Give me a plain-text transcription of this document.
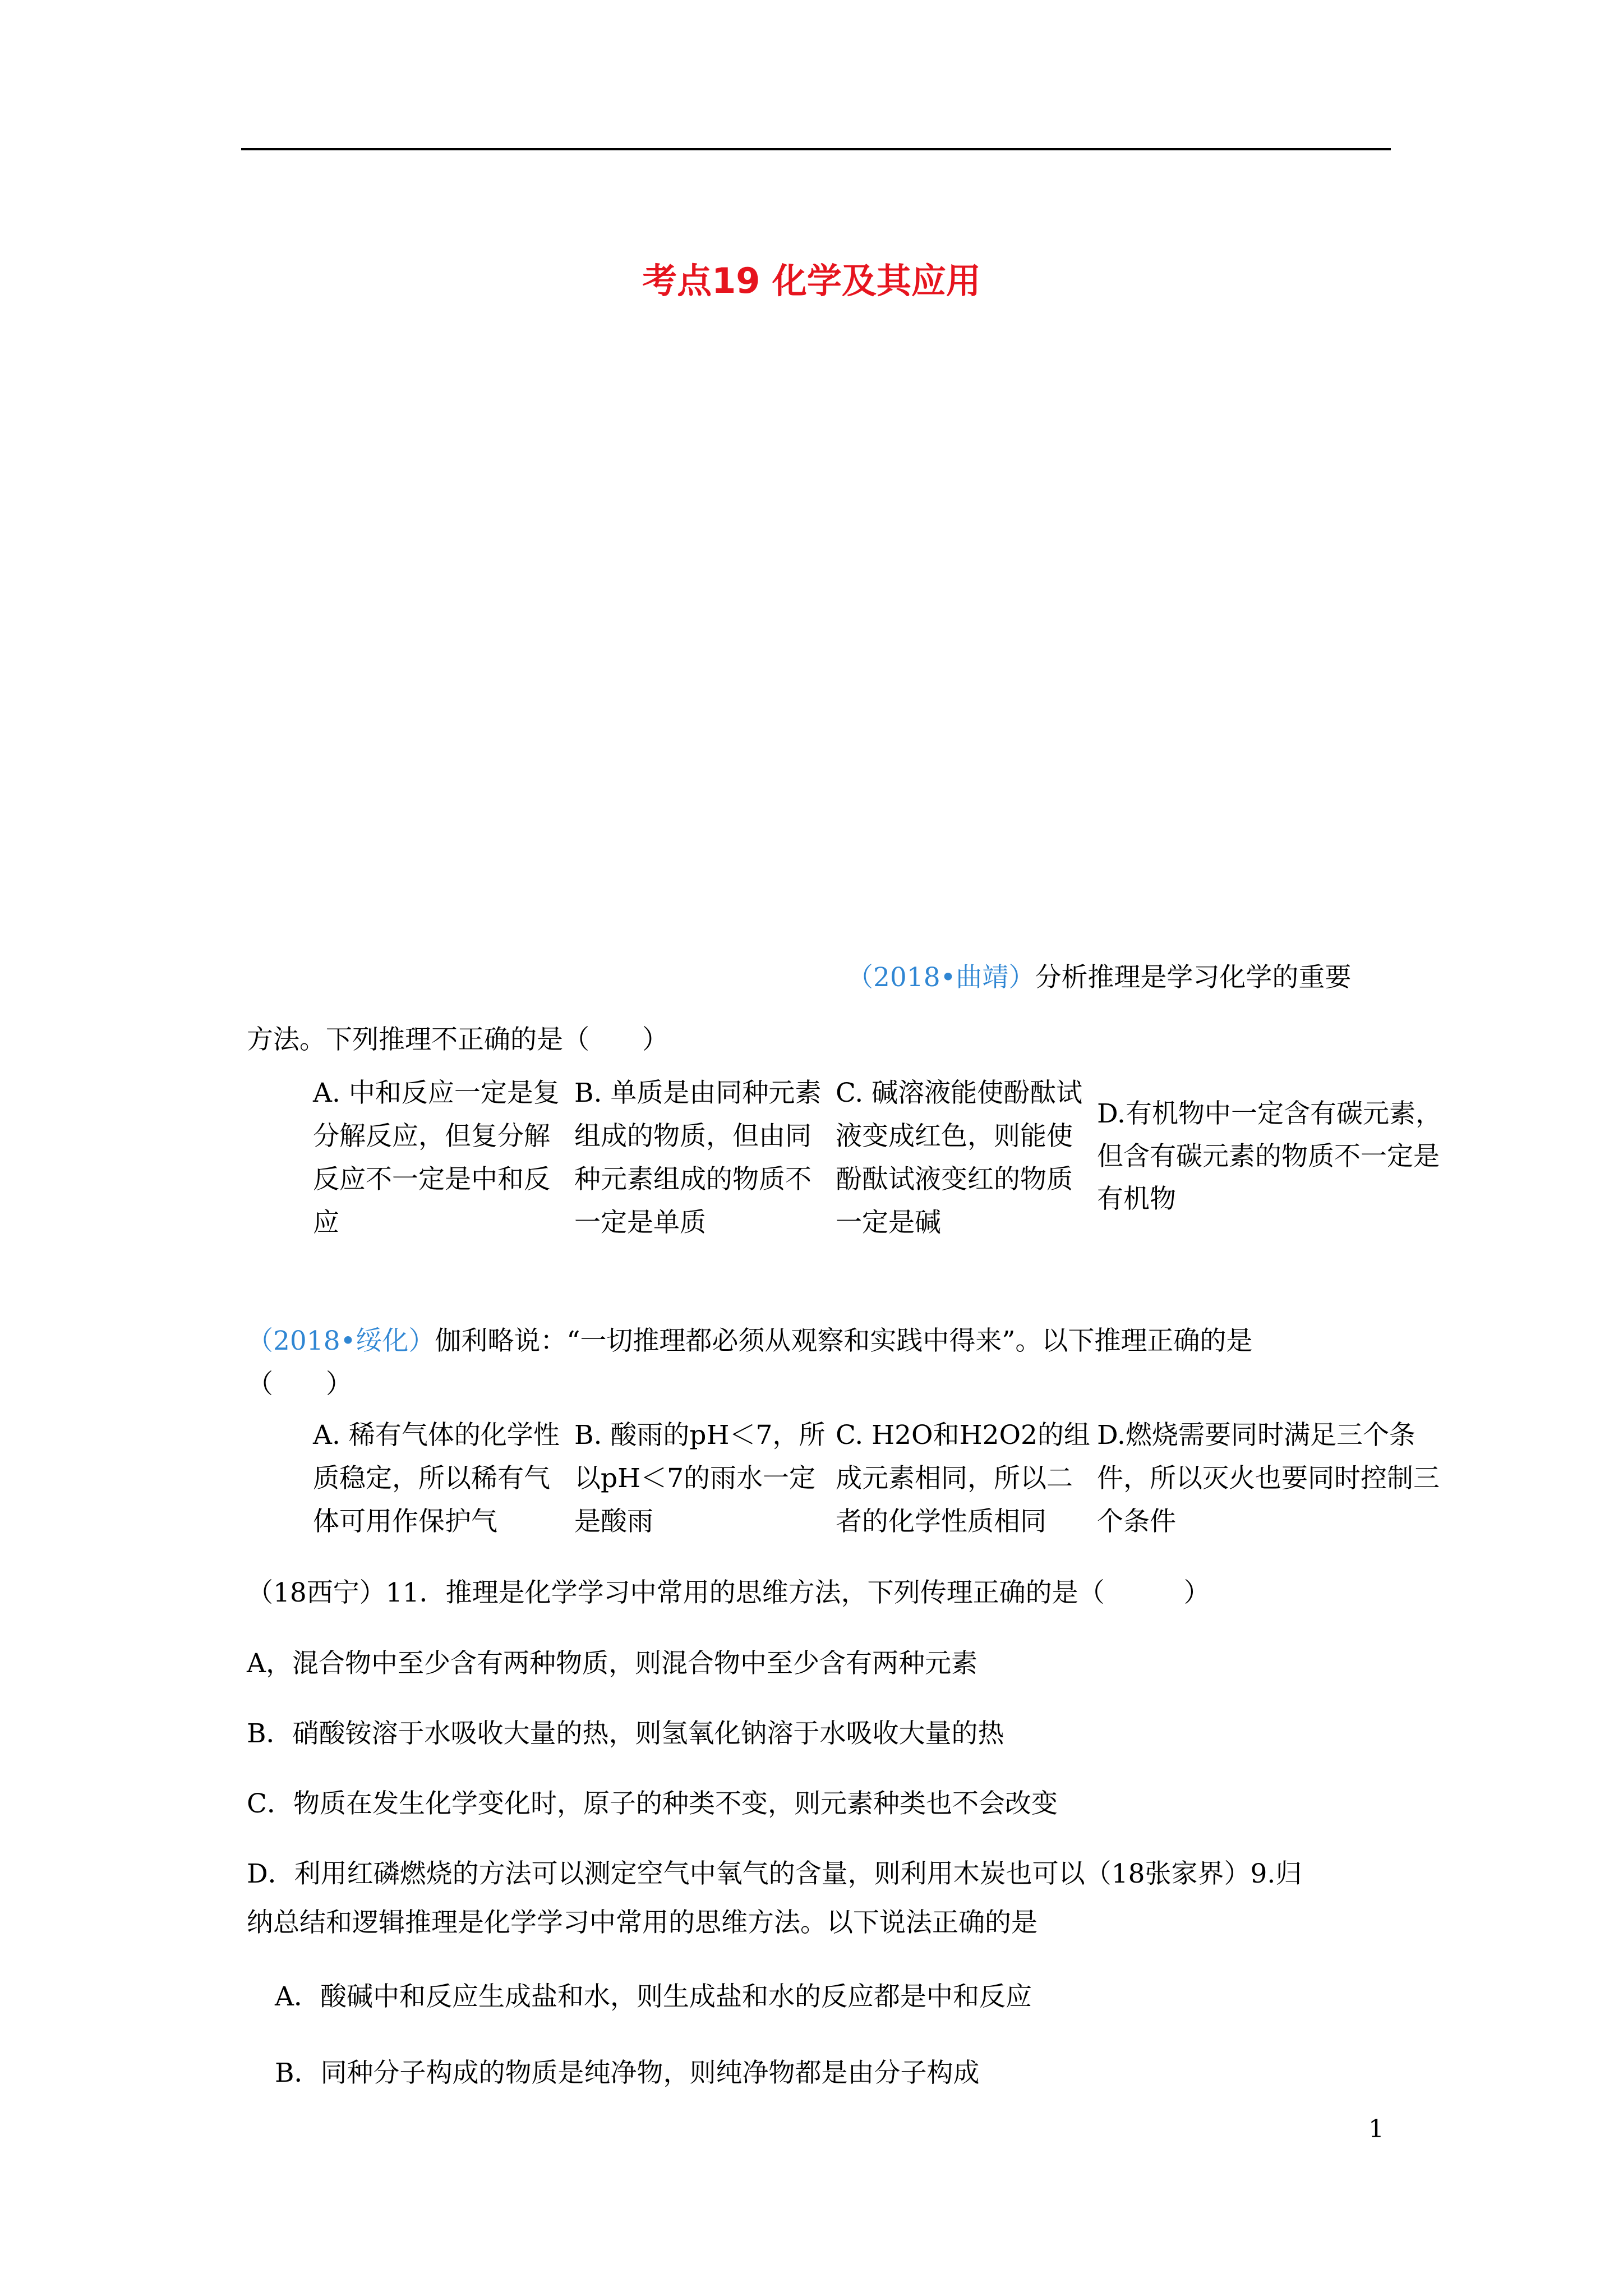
考点19 化学及其应用
（2018•曲靖）分析推理是学习化学的重要
方法。下列推理不正确的是（　　）
A. 中和反应一定是复分解反应，但复分解反应不一定是中和反应
B. 单质是由同种元素组成的物质，但由同种元素组成的物质不一定是单质
C. 碱溶液能使酚酞试液变成红色，则能使酚酞试液变红的物质一定是碱
D.有机物中一定含有碳元素，但含有碳元素的物质不一定是有机物
（2018•绥化）伽利略说：“一切推理都必须从观察和实践中得来”。以下推理正确的是
（　　）
A. 稀有气体的化学性质稳定，所以稀有气体可用作保护气
B. 酸雨的pH＜7，所以pH＜7的雨水一定是酸雨
C. H2O和H2O2的组成元素相同，所以二者的化学性质相同
D.燃烧需要同时满足三个条件，所以灭火也要同时控制三个条件
（18西宁）11．推理是化学学习中常用的思维方法，下列传理正确的是（　　　）
A，混合物中至少含有两种物质，则混合物中至少含有两种元素
B．硝酸铵溶于水吸收大量的热，则氢氧化钠溶于水吸收大量的热
C．物质在发生化学变化时，原子的种类不变，则元素种类也不会改变
D．利用红磷燃烧的方法可以测定空气中氧气的含量，则利用木炭也可以（18张家界）9.归
纳总结和逻辑推理是化学学习中常用的思维方法。以下说法正确的是
A．酸碱中和反应生成盐和水，则生成盐和水的反应都是中和反应
B．同种分子构成的物质是纯净物，则纯净物都是由分子构成
1
